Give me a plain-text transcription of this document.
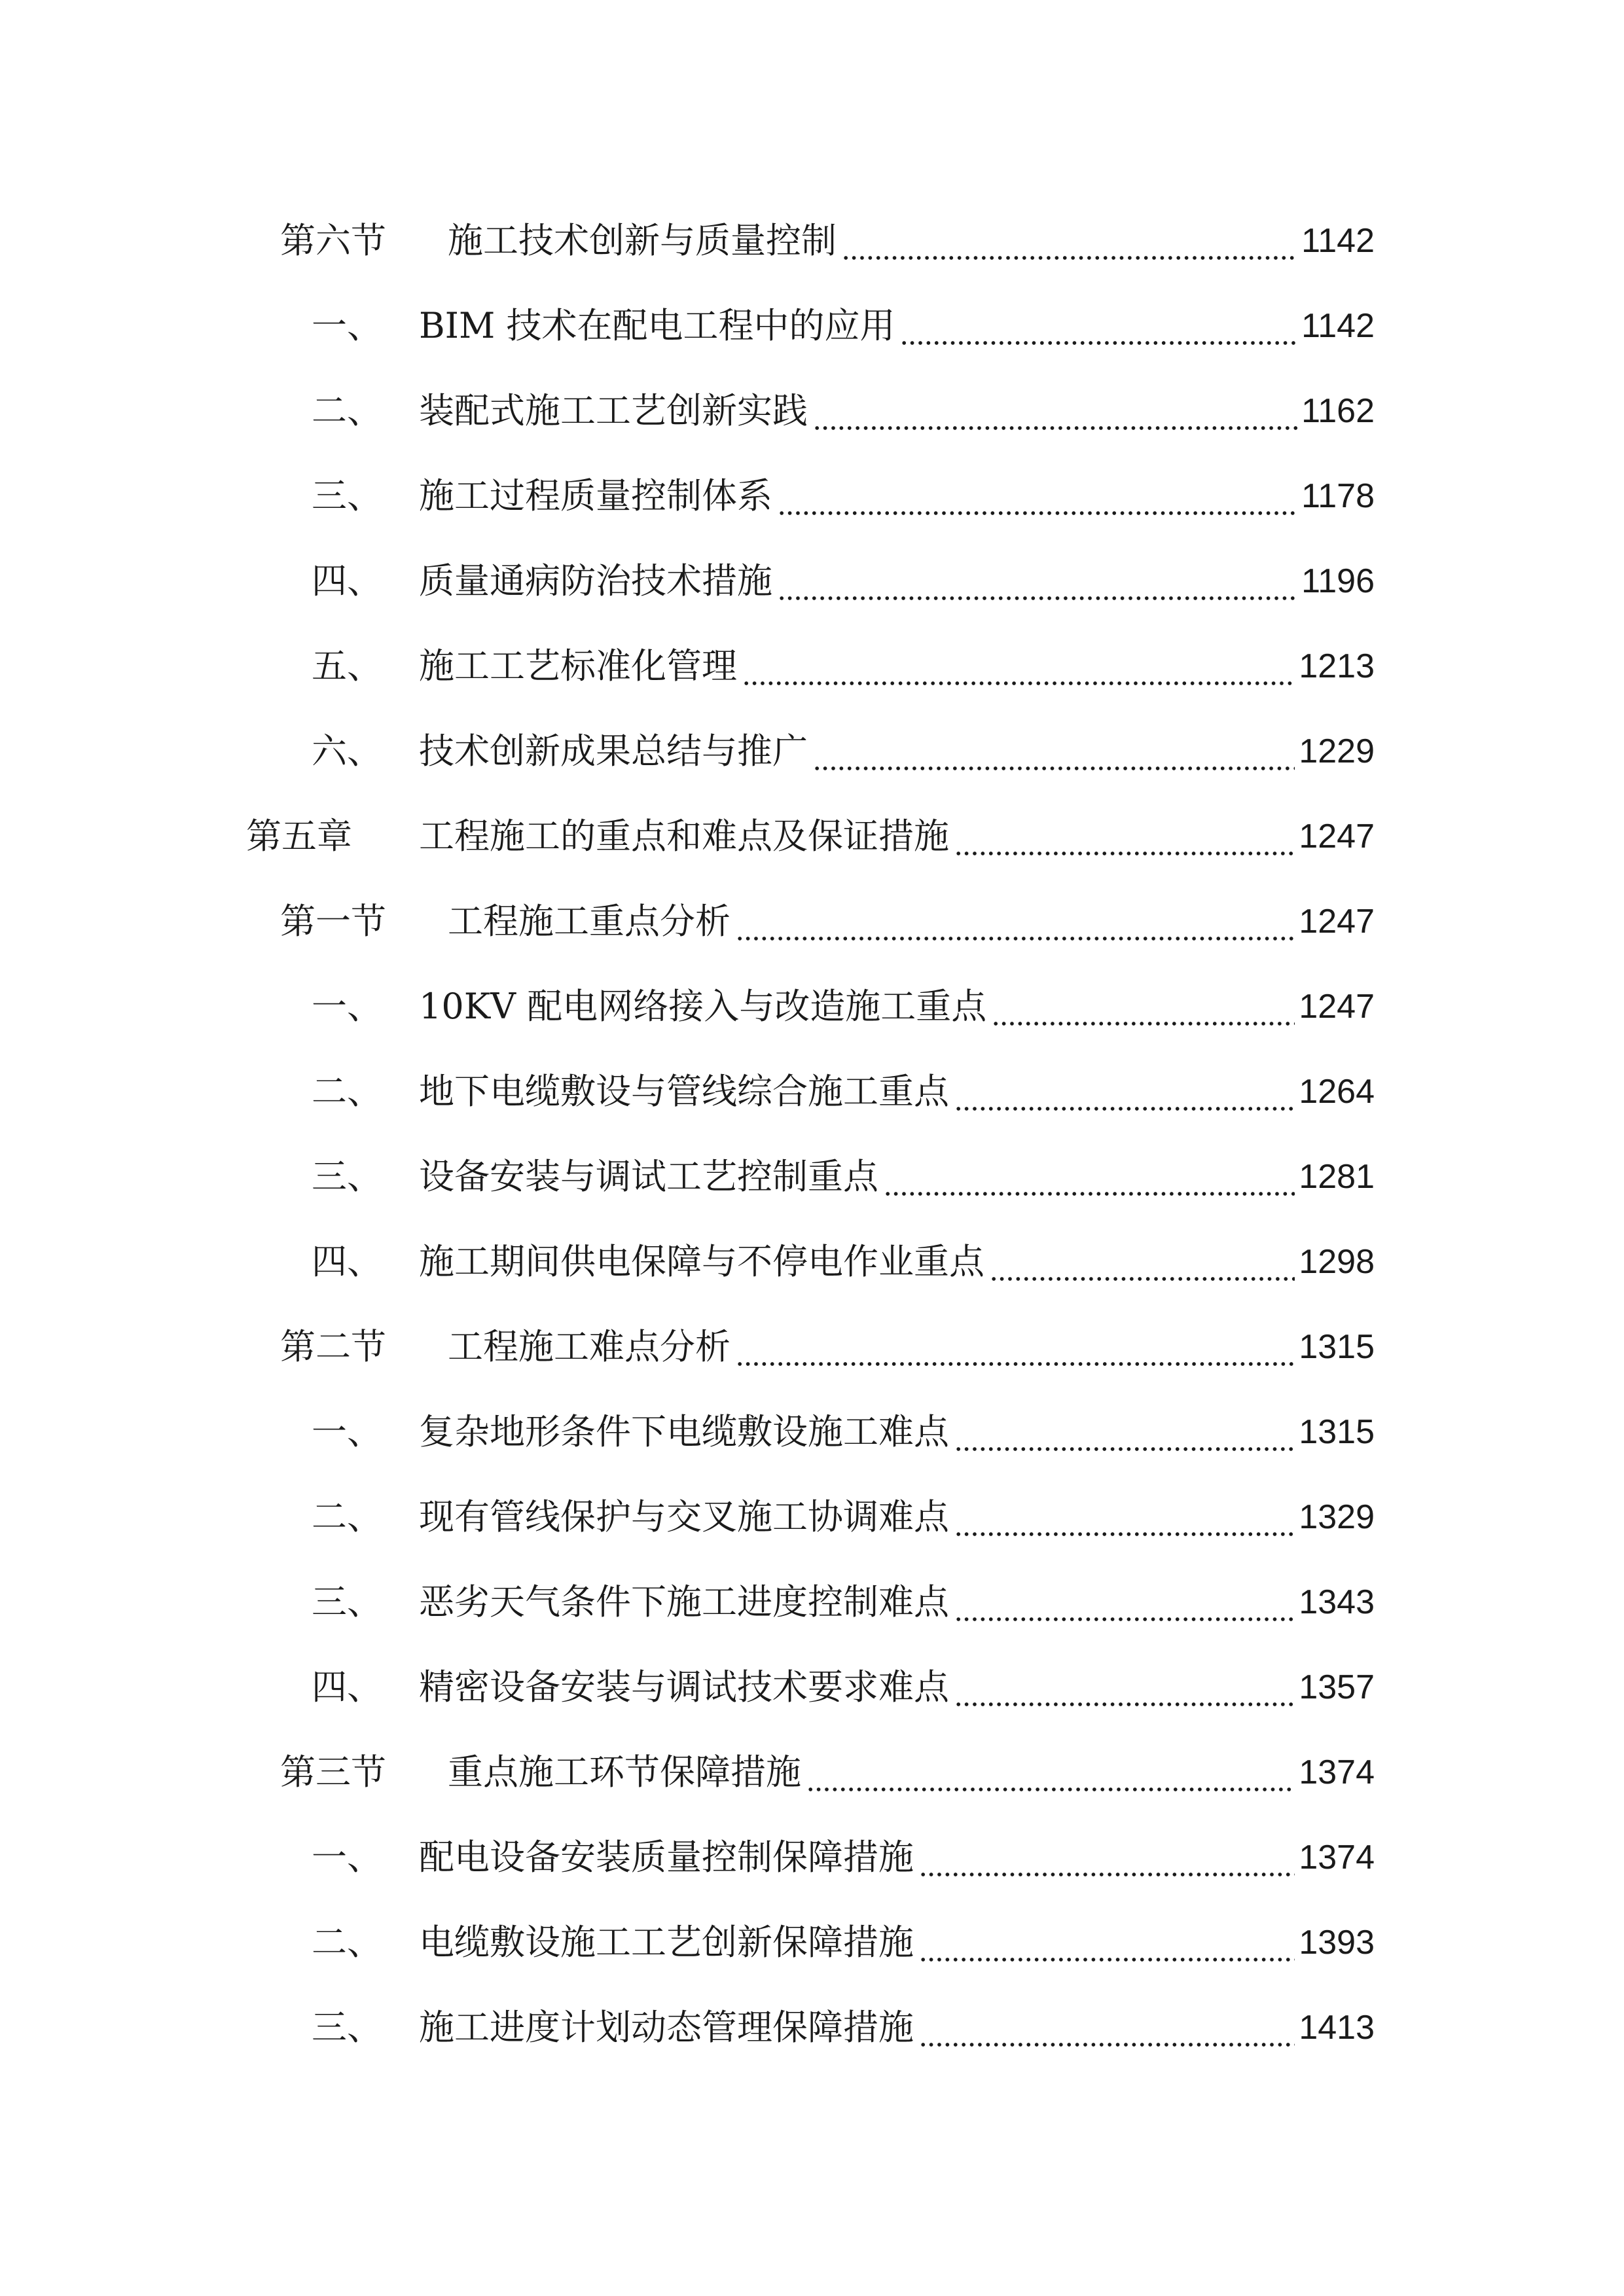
第六节 施工技术创新与质量控制	1142
一、 BIM 技术在配电工程中的应用	1142
二、 装配式施工工艺创新实践	1162
三、 施工过程质量控制体系	1178
四、 质量通病防治技术措施	1196
五、 施工工艺标准化管理	1213
六、 技术创新成果总结与推广	1229
第五章 工程施工的重点和难点及保证措施	1247
第一节 工程施工重点分析	1247
一、 10KV 配电网络接入与改造施工重点	1247
二、 地下电缆敷设与管线综合施工重点	1264
三、 设备安装与调试工艺控制重点	1281
四、 施工期间供电保障与不停电作业重点	1298
第二节 工程施工难点分析	1315
一、 复杂地形条件下电缆敷设施工难点	1315
二、 现有管线保护与交叉施工协调难点	1329
三、 恶劣天气条件下施工进度控制难点	1343
四、 精密设备安装与调试技术要求难点	1357
第三节 重点施工环节保障措施	1374
一、 配电设备安装质量控制保障措施	1374
二、 电缆敷设施工工艺创新保障措施	1393
三、 施工进度计划动态管理保障措施	1413
